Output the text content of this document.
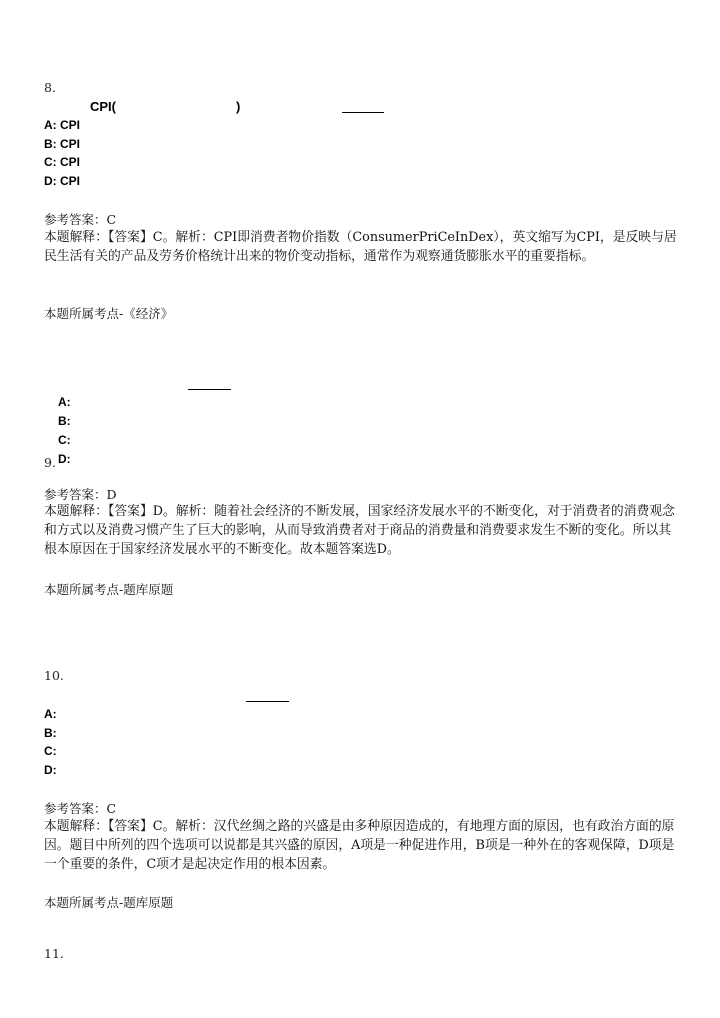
8.
CPI(	)
A: CPI
B: CPI
C: CPI
D: CPI
参考答案：C
本题解释：【答案】C。解析：CPI即消费者物价指数（ConsumerPriCeInDex），英文缩写为CPI，是反映与居民生活有关的产品及劳务价格统计出来的物价变动指标，通常作为观察通货膨胀水平的重要指标。
本题所属考点-《经济》
A:
B:
C:
9. D:
参考答案：D
本题解释：【答案】D。解析：随着社会经济的不断发展，国家经济发展水平的不断变化，对于消费者的消费观念和方式以及消费习惯产生了巨大的影响，从而导致消费者对于商品的消费量和消费要求发生不断的变化。所以其根本原因在于国家经济发展水平的不断变化。故本题答案选D。
本题所属考点-题库原题
10.
A:
B:
C:
D:
参考答案：C
本题解释：【答案】C。解析：汉代丝绸之路的兴盛是由多种原因造成的，有地理方面的原因，也有政治方面的原因。题目中所列的四个选项可以说都是其兴盛的原因，A项是一种促进作用，B项是一种外在的客观保障，D项是一个重要的条件，C项才是起决定作用的根本因素。
本题所属考点-题库原题
11.
